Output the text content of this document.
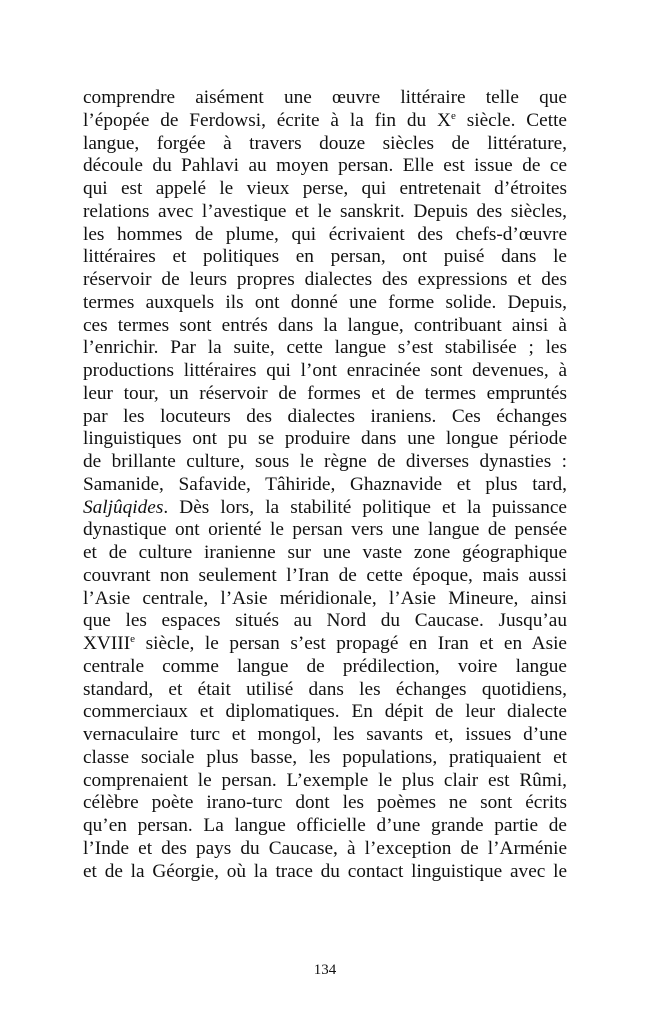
comprendre aisément une œuvre littéraire telle que
l’épopée de Ferdowsi, écrite à la fin du Xe siècle. Cette
langue, forgée à travers douze siècles de littérature,
découle du Pahlavi au moyen persan. Elle est issue de ce
qui est appelé le vieux perse, qui entretenait d’étroites
relations avec l’avestique et le sanskrit. Depuis des siècles,
les hommes de plume, qui écrivaient des chefs-d’œuvre
littéraires et politiques en persan, ont puisé dans le
réservoir de leurs propres dialectes des expressions et des
termes auxquels ils ont donné une forme solide. Depuis,
ces termes sont entrés dans la langue, contribuant ainsi à
l’enrichir. Par la suite, cette langue s’est stabilisée ; les
productions littéraires qui l’ont enracinée sont devenues, à
leur tour, un réservoir de formes et de termes empruntés
par les locuteurs des dialectes iraniens. Ces échanges
linguistiques ont pu se produire dans une longue période
de brillante culture, sous le règne de diverses dynasties :
Samanide, Safavide, Tâhiride, Ghaznavide et plus tard,
Saljûqides. Dès lors, la stabilité politique et la puissance
dynastique ont orienté le persan vers une langue de pensée
et de culture iranienne sur une vaste zone géographique
couvrant non seulement l’Iran de cette époque, mais aussi
l’Asie centrale, l’Asie méridionale, l’Asie Mineure, ainsi
que les espaces situés au Nord du Caucase. Jusqu’au
XVIIIe siècle, le persan s’est propagé en Iran et en Asie
centrale comme langue de prédilection, voire langue
standard, et était utilisé dans les échanges quotidiens,
commerciaux et diplomatiques. En dépit de leur dialecte
vernaculaire turc et mongol, les savants et, issues d’une
classe sociale plus basse, les populations, pratiquaient et
comprenaient le persan. L’exemple le plus clair est Rûmi,
célèbre poète irano-turc dont les poèmes ne sont écrits
qu’en persan. La langue officielle d’une grande partie de
l’Inde et des pays du Caucase, à l’exception de l’Arménie
et de la Géorgie, où la trace du contact linguistique avec le
134
